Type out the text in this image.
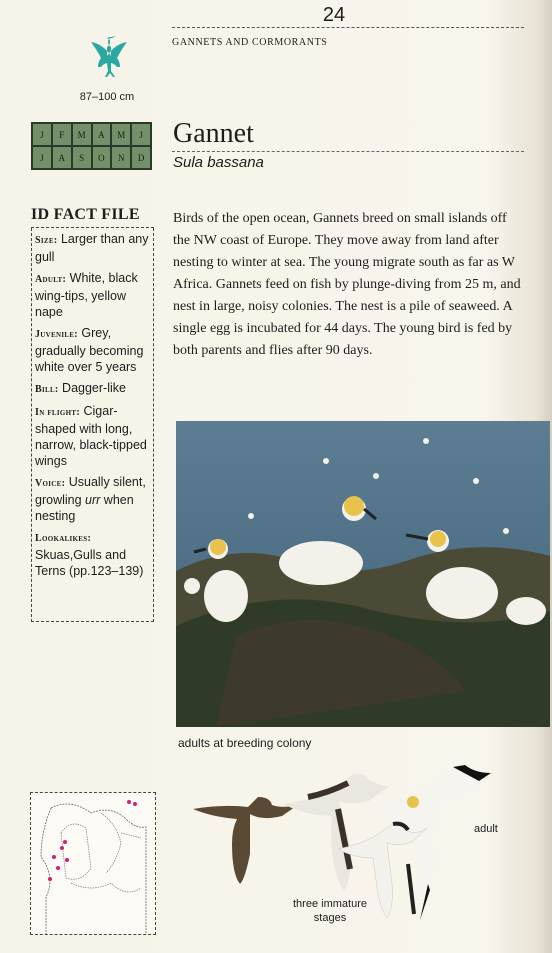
24
GANNETS AND CORMORANTS
87–100 cm
J	F	M	A	M	J
J	A	S	O	N	D
Gannet
Sula bassana
ID FACT FILE
Size: Larger than any gull
Adult: White, black wing-tips, yellow nape
Juvenile: Grey, gradually becoming white over 5 years
Bill: Dagger-like
In flight: Cigar-shaped with long, narrow, black-tipped wings
Voice: Usually silent, growling urr when nesting
Lookalikes: Skuas,Gulls and Terns (pp.123–139)
Birds of the open ocean, Gannets breed on small islands off the NW coast of Europe. They move away from land after nesting to winter at sea. The young migrate south as far as W Africa. Gannets feed on fish by plunge-diving from 25 m, and nest in large, noisy colonies. The nest is a pile of seaweed. A single egg is incubated for 44 days. The young bird is fed by both parents and flies after 90 days.
adults at breeding colony
adult
three immature stages
